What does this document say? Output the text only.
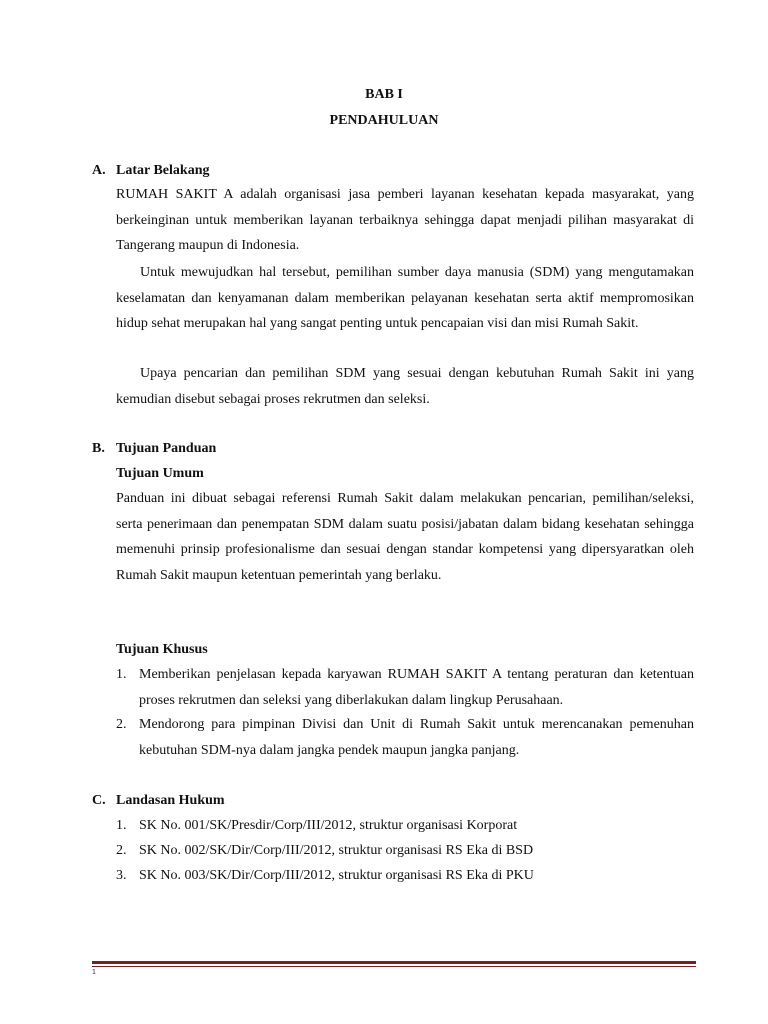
BAB I
PENDAHULUAN
A. Latar Belakang

RUMAH SAKIT A adalah organisasi jasa pemberi layanan kesehatan kepada masyarakat, yang berkeinginan untuk memberikan layanan terbaiknya sehingga dapat menjadi pilihan masyarakat di Tangerang maupun di Indonesia.

Untuk mewujudkan hal tersebut, pemilihan sumber daya manusia (SDM) yang mengutamakan keselamatan dan kenyamanan dalam memberikan pelayanan kesehatan serta aktif mempromosikan hidup sehat merupakan hal yang sangat penting untuk pencapaian visi dan misi Rumah Sakit.

Upaya pencarian dan pemilihan SDM yang sesuai dengan kebutuhan Rumah Sakit ini yang kemudian disebut sebagai proses rekrutmen dan seleksi.

B. Tujuan Panduan
Tujuan Umum

Panduan ini dibuat sebagai referensi Rumah Sakit dalam melakukan pencarian, pemilihan/seleksi, serta penerimaan dan penempatan SDM dalam suatu posisi/jabatan dalam bidang kesehatan sehingga memenuhi prinsip profesionalisme dan sesuai dengan standar kompetensi yang dipersyaratkan oleh Rumah Sakit maupun ketentuan pemerintah yang berlaku.

Tujuan Khusus
1. Memberikan penjelasan kepada karyawan RUMAH SAKIT A tentang peraturan dan ketentuan proses rekrutmen dan seleksi yang diberlakukan dalam lingkup Perusahaan.
2. Mendorong para pimpinan Divisi dan Unit di Rumah Sakit untuk merencanakan pemenuhan kebutuhan SDM-nya dalam jangka pendek maupun jangka panjang.
C. Landasan Hukum
1. SK No. 001/SK/Presdir/Corp/III/2012, struktur organisasi Korporat
2. SK No. 002/SK/Dir/Corp/III/2012, struktur organisasi RS Eka di BSD
3. SK No. 003/SK/Dir/Corp/III/2012, struktur organisasi RS Eka di PKU
1
